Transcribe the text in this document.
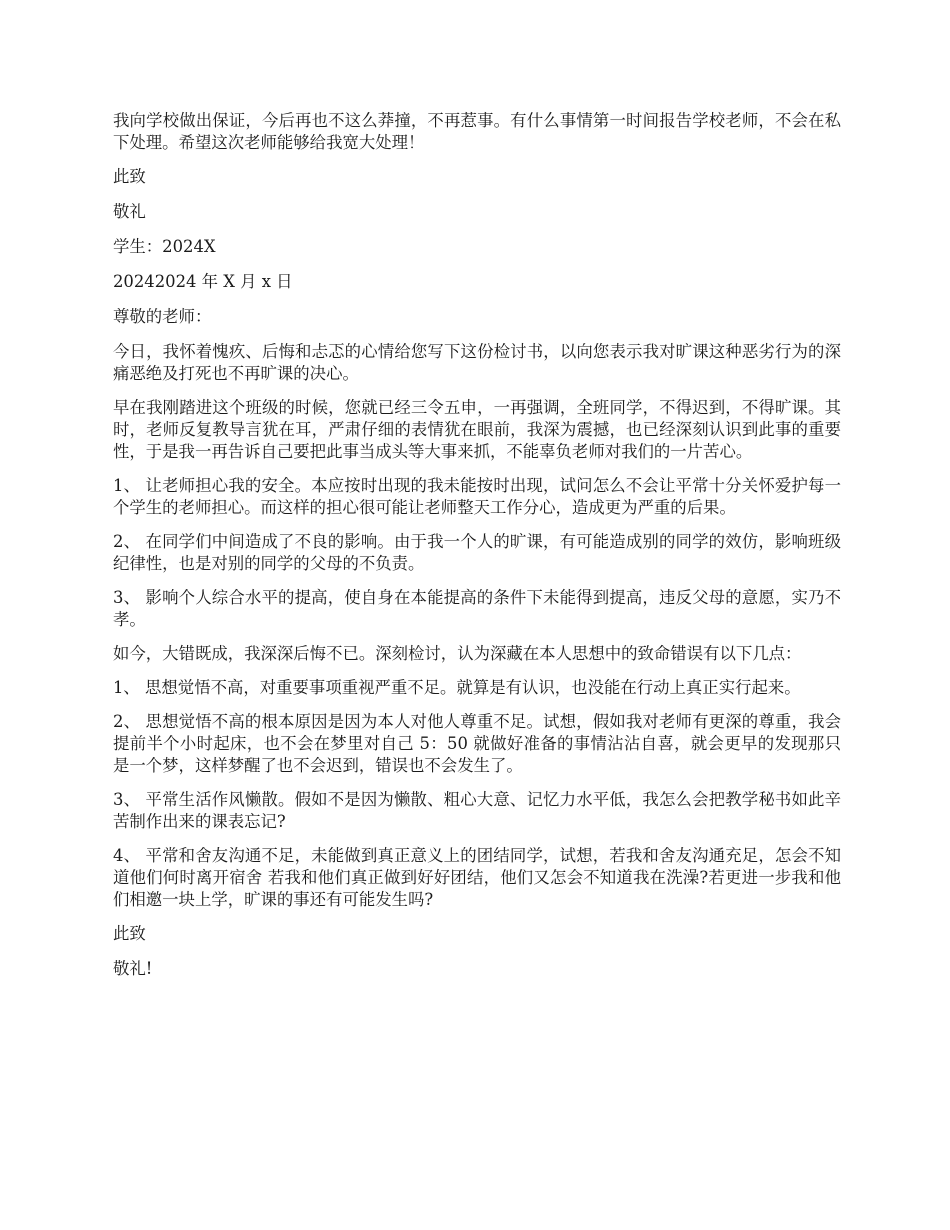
我向学校做出保证，今后再也不这么莽撞，不再惹事。有什么事情第一时间报告学校老师，不会在私下处理。希望这次老师能够给我宽大处理！

此致

敬礼

学生：2024X

20242024 年 X 月 x 日

尊敬的老师：

今日，我怀着愧疚、后悔和忐忑的心情给您写下这份检讨书，以向您表示我对旷课这种恶劣行为的深痛恶绝及打死也不再旷课的决心。

早在我刚踏进这个班级的时候，您就已经三令五申，一再强调，全班同学，不得迟到，不得旷课。其时，老师反复教导言犹在耳，严肃仔细的表情犹在眼前，我深为震撼，也已经深刻认识到此事的重要性，于是我一再告诉自己要把此事当成头等大事来抓，不能辜负老师对我们的一片苦心。

1、 让老师担心我的安全。本应按时出现的我未能按时出现，试问怎么不会让平常十分关怀爱护每一个学生的老师担心。而这样的担心很可能让老师整天工作分心，造成更为严重的后果。

2、 在同学们中间造成了不良的影响。由于我一个人的旷课，有可能造成别的同学的效仿，影响班级纪律性，也是对别的同学的父母的不负责。

3、 影响个人综合水平的提高，使自身在本能提高的条件下未能得到提高，违反父母的意愿，实乃不孝。

如今，大错既成，我深深后悔不已。深刻检讨，认为深藏在本人思想中的致命错误有以下几点：

1、 思想觉悟不高，对重要事项重视严重不足。就算是有认识，也没能在行动上真正实行起来。

2、 思想觉悟不高的根本原因是因为本人对他人尊重不足。试想，假如我对老师有更深的尊重，我会提前半个小时起床，也不会在梦里对自己 5：50 就做好准备的事情沾沾自喜，就会更早的发现那只是一个梦，这样梦醒了也不会迟到，错误也不会发生了。

3、 平常生活作风懒散。假如不是因为懒散、粗心大意、记忆力水平低，我怎么会把教学秘书如此辛苦制作出来的课表忘记?

4、 平常和舍友沟通不足，未能做到真正意义上的团结同学，试想，若我和舍友沟通充足，怎会不知道他们何时离开宿舍 若我和他们真正做到好好团结，他们又怎会不知道我在洗澡?若更进一步我和他们相邀一块上学，旷课的事还有可能发生吗?

此致

敬礼!
